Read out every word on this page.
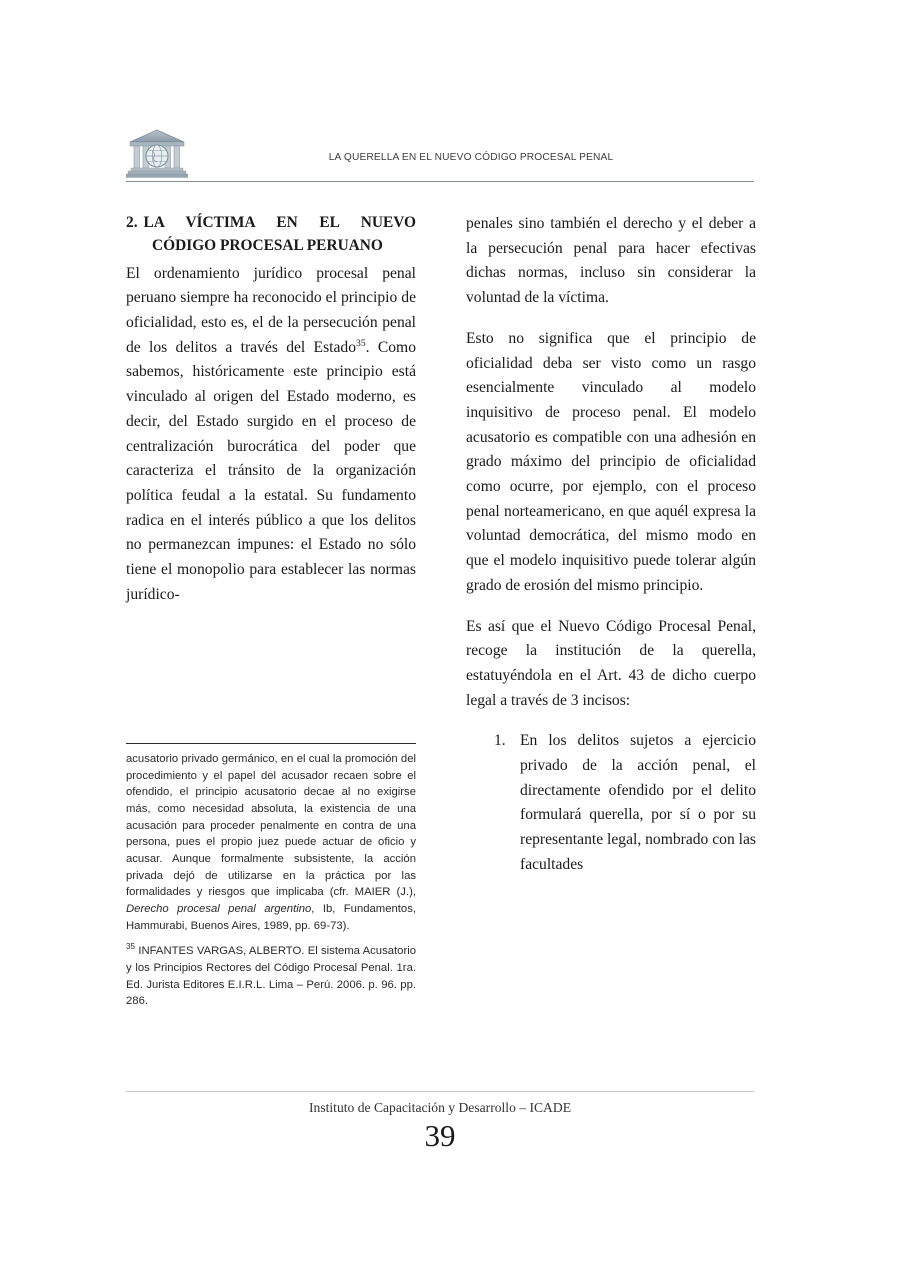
LA QUERELLA EN EL NUEVO CÓDIGO PROCESAL PENAL
2. LA VÍCTIMA EN EL NUEVO
CÓDIGO PROCESAL PERUANO

El ordenamiento jurídico procesal penal peruano siempre ha reconocido el principio de oficialidad, esto es, el de la persecución penal de los delitos a través del Estado$^{35}$. Como sabemos, históricamente este principio está vinculado al origen del Estado moderno, es decir, del Estado surgido en el proceso de centralización burocrática del poder que caracteriza el tránsito de la organización política feudal a la estatal. Su fundamento radica en el interés público a que los delitos no permanezcan impunes: el Estado no sólo tiene el monopolio para establecer las normas jurídico-

acusatorio privado germánico, en el cual la promoción del procedimiento y el papel del acusador recaen sobre el ofendido, el principio acusatorio decae al no exigirse más, como necesidad absoluta, la existencia de una acusación para proceder penalmente en contra de una persona, pues el propio juez puede actuar de oficio y acusar. Aunque formalmente subsistente, la acción privada dejó de utilizarse en la práctica por las formalidades y riesgos que implicaba (cfr. MAIER (J.), Derecho procesal penal argentino, Ib, Fundamentos, Hammurabi, Buenos Aires, 1989, pp. 69-73).

$^{35}$ INFANTES VARGAS, ALBERTO. El sistema Acusatorio y los Principios Rectores del Código Procesal Penal. 1ra. Ed. Jurista Editores E.I.R.L. Lima – Perú. 2006. p. 96. pp. 286.

penales sino también el derecho y el deber a la persecución penal para hacer efectivas dichas normas, incluso sin considerar la voluntad de la víctima.

Esto no significa que el principio de oficialidad deba ser visto como un rasgo esencialmente vinculado al modelo inquisitivo de proceso penal. El modelo acusatorio es compatible con una adhesión en grado máximo del principio de oficialidad como ocurre, por ejemplo, con el proceso penal norteamericano, en que aquél expresa la voluntad democrática, del mismo modo en que el modelo inquisitivo puede tolerar algún grado de erosión del mismo principio.

Es así que el Nuevo Código Procesal Penal, recoge la institución de la querella, estatuyéndola en el Art. 43 de dicho cuerpo legal a través de 3 incisos:

En los delitos sujetos a ejercicio privado de la acción penal, el directamente ofendido por el delito formulará querella, por sí o por su representante legal, nombrado con las facultades
Instituto de Capacitación y Desarrollo – ICADE
39
